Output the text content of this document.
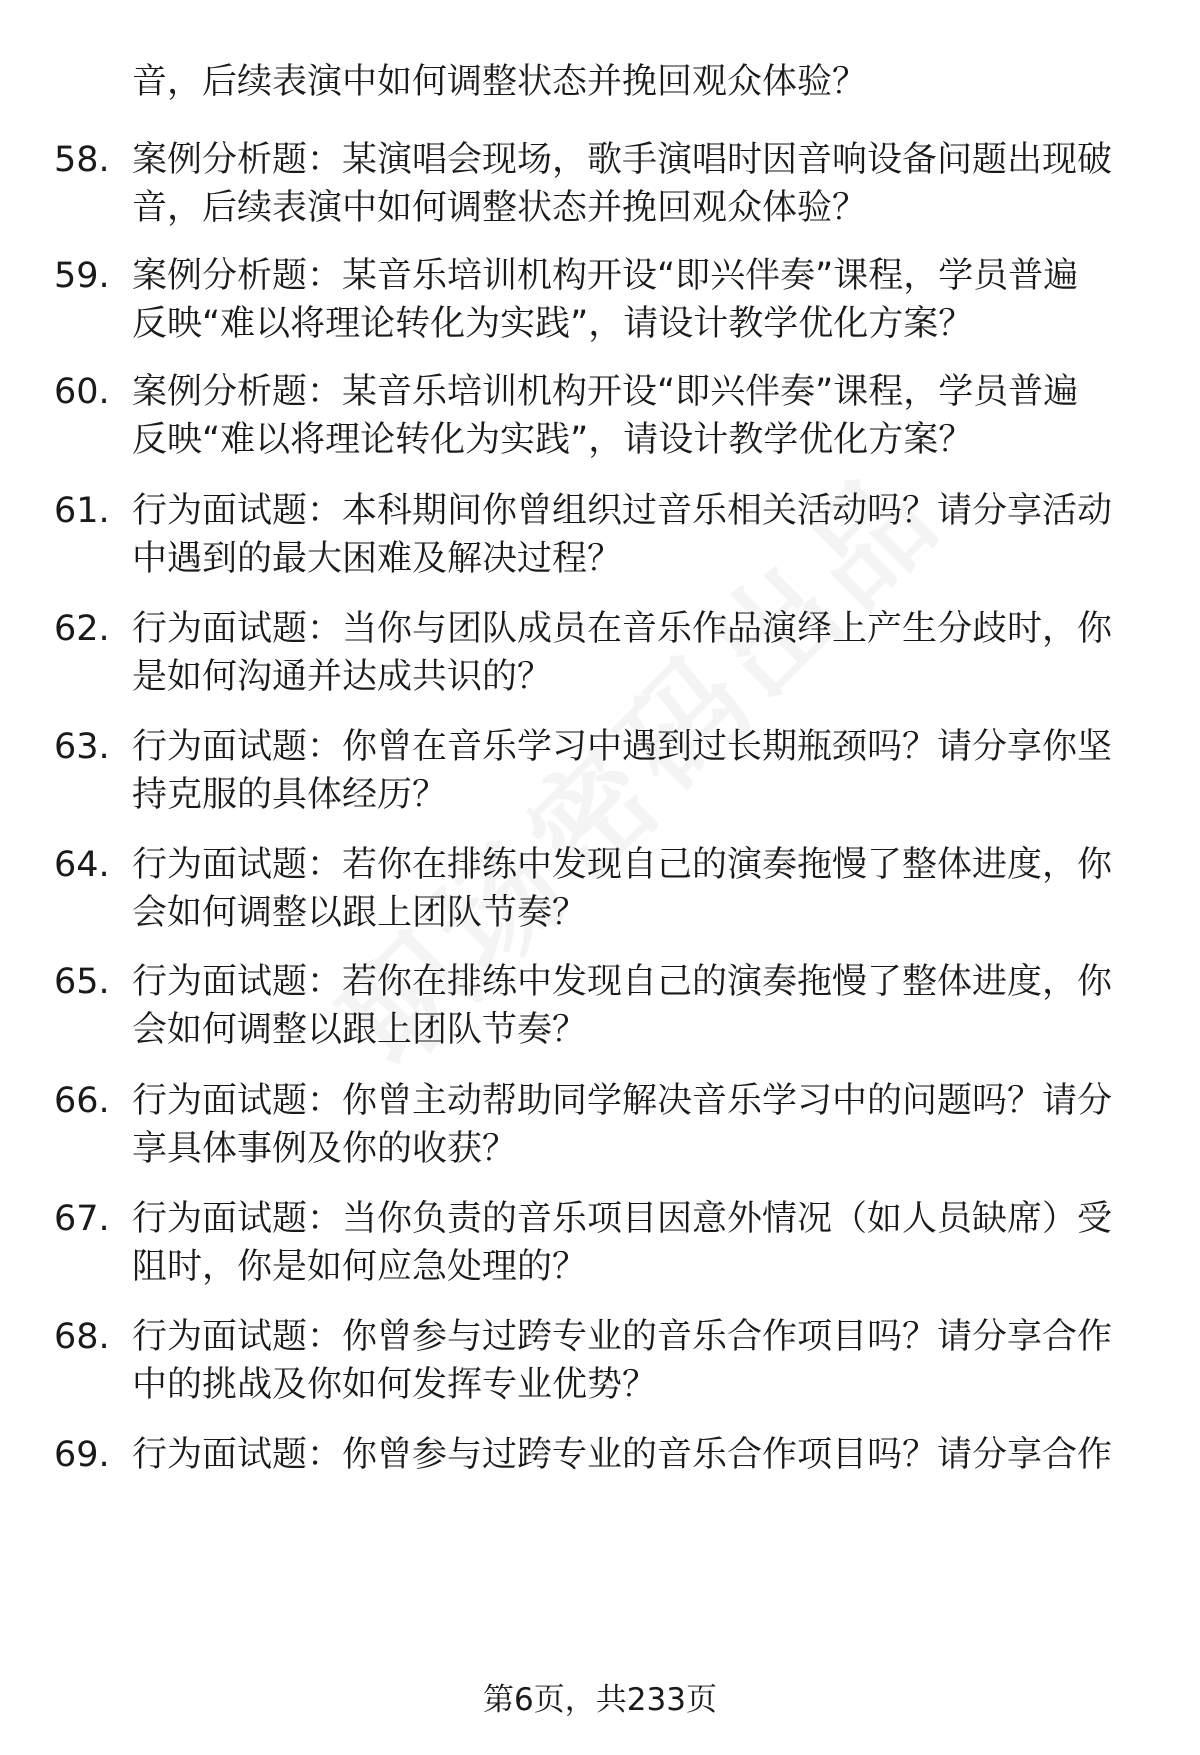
音，后续表演中如何调整状态并挽回观众体验？
58. 案例分析题：某演唱会现场，歌手演唱时因音响设备问题出现破
音，后续表演中如何调整状态并挽回观众体验？
59. 案例分析题：某音乐培训机构开设“即兴伴奏”课程，学员普遍
反映“难以将理论转化为实践”，请设计教学优化方案？
60. 案例分析题：某音乐培训机构开设“即兴伴奏”课程，学员普遍
反映“难以将理论转化为实践”，请设计教学优化方案？
61. 行为面试题：本科期间你曾组织过音乐相关活动吗？请分享活动
中遇到的最大困难及解决过程？
62. 行为面试题：当你与团队成员在音乐作品演绎上产生分歧时，你
是如何沟通并达成共识的？
63. 行为面试题：你曾在音乐学习中遇到过长期瓶颈吗？请分享你坚
持克服的具体经历？
64. 行为面试题：若你在排练中发现自己的演奏拖慢了整体进度，你
会如何调整以跟上团队节奏？
65. 行为面试题：若你在排练中发现自己的演奏拖慢了整体进度，你
会如何调整以跟上团队节奏？
66. 行为面试题：你曾主动帮助同学解决音乐学习中的问题吗？请分
享具体事例及你的收获？
67. 行为面试题：当你负责的音乐项目因意外情况（如人员缺席）受
阻时，你是如何应急处理的？
68. 行为面试题：你曾参与过跨专业的音乐合作项目吗？请分享合作
中的挑战及你如何发挥专业优势？
69. 行为面试题：你曾参与过跨专业的音乐合作项目吗？请分享合作
第6页，共233页
